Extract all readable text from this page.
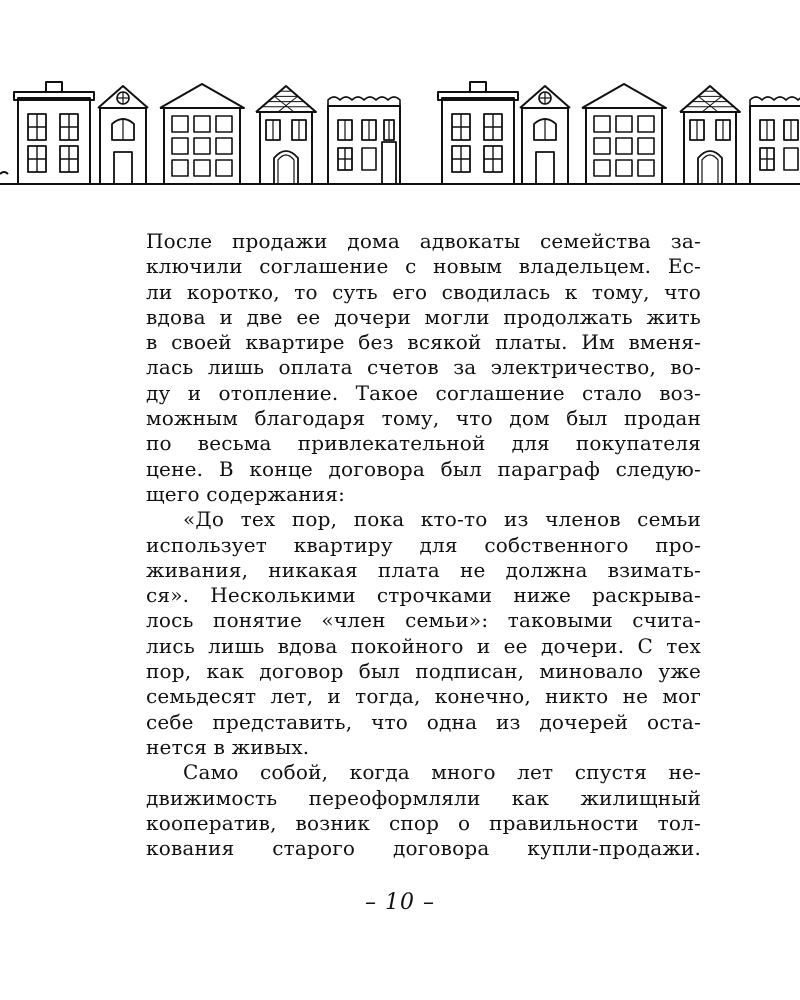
После продажи дома адвокаты семейства за-
ключили соглашение с новым владельцем. Ес-
ли коротко, то суть его сводилась к тому, что
вдова и две ее дочери могли продолжать жить
в своей квартире без всякой платы. Им вменя-
лась лишь оплата счетов за электричество, во-
ду и отопление. Такое соглашение стало воз-
можным благодаря тому, что дом был продан
по весьма привлекательной для покупателя
цене. В конце договора был параграф следую-
щего содержания:
«До тех пор, пока кто-то из членов семьи
использует квартиру для собственного про-
живания, никакая плата не должна взимать-
ся». Несколькими строчками ниже раскрыва-
лось понятие «член семьи»: таковыми счита-
лись лишь вдова покойного и ее дочери. С тех
пор, как договор был подписан, миновало уже
семьдесят лет, и тогда, конечно, никто не мог
себе представить, что одна из дочерей оста-
нется в живых.
Само собой, когда много лет спустя не-
движимость переоформляли как жилищный
кооператив, возник спор о правильности тол-
кования старого договора купли-продажи.
– 10 –
